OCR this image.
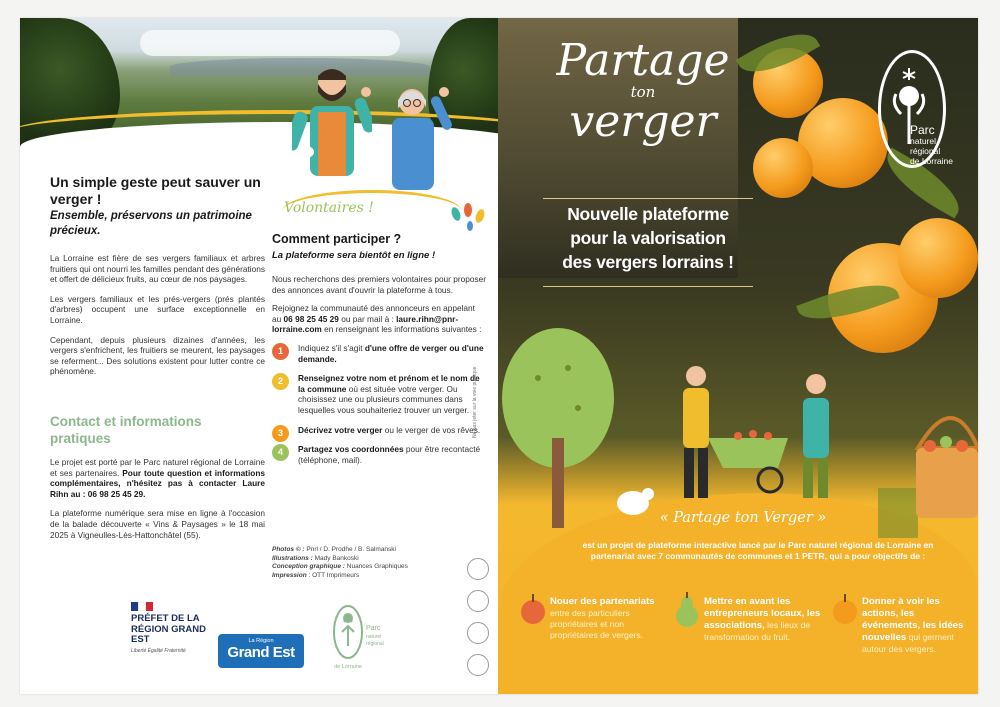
Un simple geste peut sauver un verger !

Ensemble, préservons un patrimoine précieux.

La Lorraine est fière de ses vergers familiaux et arbres fruitiers qui ont nourri les familles pendant des générations et offert de délicieux fruits, au cœur de nos paysages.

Les vergers familiaux et les prés-vergers (prés plantés d'arbres) occupent une surface exceptionnelle en Lorraine.

Cependant, depuis plusieurs dizaines d'années, les vergers s'enfrichent, les fruitiers se meurent, les paysages se referment... Des solutions existent pour lutter contre ce phénomène.

Contact et informations pratiques

Le projet est porté par le Parc naturel régional de Lorraine et ses partenaires. Pour toute question et informations complémentaires, n'hésitez pas à contacter Laure Rihn au : 06 98 25 45 29.

La plateforme numérique sera mise en ligne à l'occasion de la balade découverte « Vins & Paysages » le 18 mai 2025 à Vigneulles-Lès-Hattonchâtel (55).

Volontaires !

Comment participer ?

La plateforme sera bientôt en ligne !

Nous recherchons des premiers volontaires pour proposer des annonces avant d'ouvrir la plateforme à tous.

Rejoignez la communauté des annonceurs en appelant au 06 98 25 45 29 ou par mail à : laure.rihn@pnr-lorraine.com en renseignant les informations suivantes :

1	Indiquez s'il s'agit d'une offre de verger ou d'une demande.
2	Renseignez votre nom et prénom et le nom de la commune où est située votre verger. Ou choisissez une ou plusieurs communes dans lesquelles vous souhaiteriez trouver un verger.
3	Décrivez votre verger ou le verger de vos rêves.
4	Partagez vos coordonnées pour être recontacté (téléphone, mail).
Photos © : Pnrl / D. Prodhe / B. Salmanski
Illustrations : Mady Bankoski
Conception graphique : Nuances Graphiques
Impression : OTT Imprimeurs
PRÉFET DE LA RÉGION GRAND EST
Liberté Égalité Fraternité
La Région
Grand Est
Parc
naturel
régional
de Lorraine
Ne pas jeter sur la voie publique
Partage
ton
verger
Nouvelle plateforme
pour la valorisation
des vergers lorrains !
Parc
naturel
régional
de Lorraine
« Partage ton Verger »
est un projet de plateforme interactive lancé par le Parc naturel régional de Lorraine en partenariat avec 7 communautés de communes et 1 PETR, qui a pour objectifs de :
Nouer des partenariats entre des particuliers propriétaires et non propriétaires de vergers.
Mettre en avant les entrepreneurs locaux, les associations, les lieux de transformation du fruit.
Donner à voir les actions, les événements, les idées nouvelles qui germent autour des vergers.
